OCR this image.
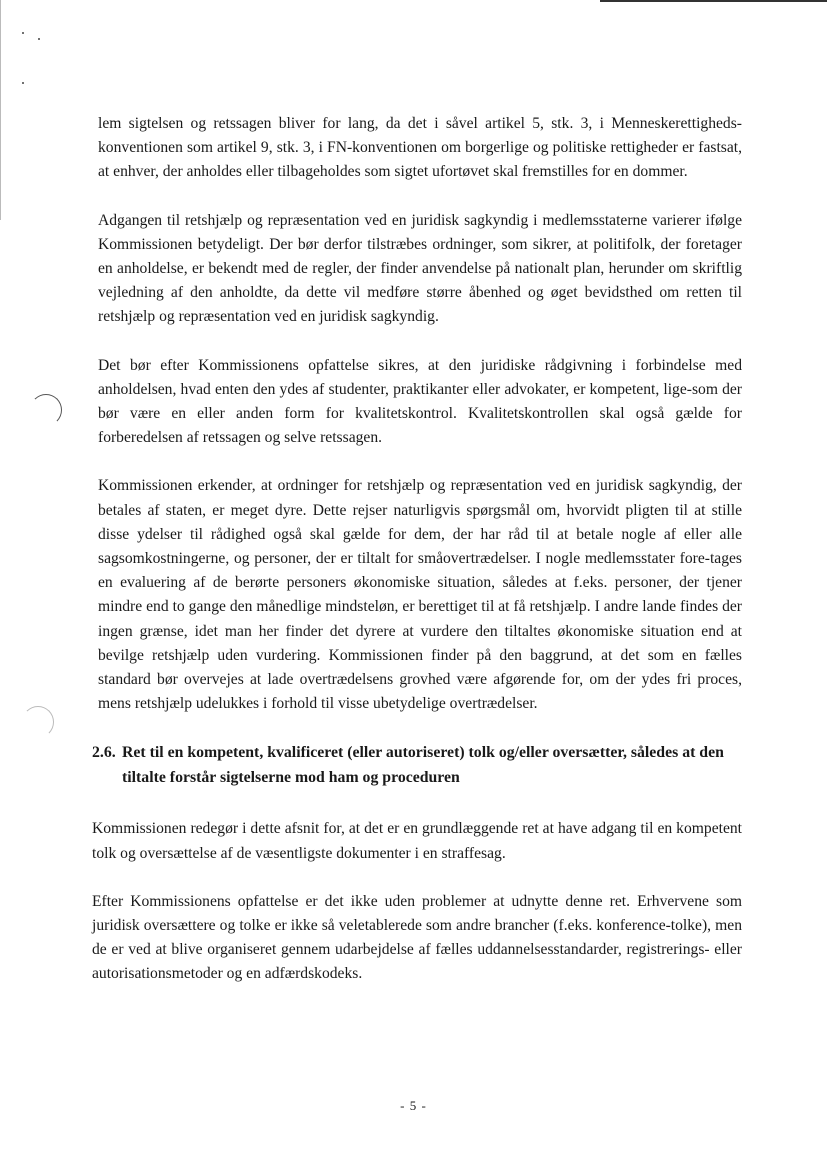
lem sigtelsen og retssagen bliver for lang, da det i såvel artikel 5, stk. 3, i Menneskerettigheds-konventionen som artikel 9, stk. 3, i FN-konventionen om borgerlige og politiske rettigheder er fastsat, at enhver, der anholdes eller tilbageholdes som sigtet ufortøvet skal fremstilles for en dommer.

Adgangen til retshjælp og repræsentation ved en juridisk sagkyndig i medlemsstaterne varierer ifølge Kommissionen betydeligt. Der bør derfor tilstræbes ordninger, som sikrer, at politifolk, der foretager en anholdelse, er bekendt med de regler, der finder anvendelse på nationalt plan, herunder om skriftlig vejledning af den anholdte, da dette vil medføre større åbenhed og øget bevidsthed om retten til retshjælp og repræsentation ved en juridisk sagkyndig.

Det bør efter Kommissionens opfattelse sikres, at den juridiske rådgivning i forbindelse med anholdelsen, hvad enten den ydes af studenter, praktikanter eller advokater, er kompetent, lige-som der bør være en eller anden form for kvalitetskontrol. Kvalitetskontrollen skal også gælde for forberedelsen af retssagen og selve retssagen.

Kommissionen erkender, at ordninger for retshjælp og repræsentation ved en juridisk sagkyndig, der betales af staten, er meget dyre. Dette rejser naturligvis spørgsmål om, hvorvidt pligten til at stille disse ydelser til rådighed også skal gælde for dem, der har råd til at betale nogle af eller alle sagsomkostningerne, og personer, der er tiltalt for småovertrædelser. I nogle medlemsstater fore-tages en evaluering af de berørte personers økonomiske situation, således at f.eks. personer, der tjener mindre end to gange den månedlige mindsteløn, er berettiget til at få retshjælp. I andre lande findes der ingen grænse, idet man her finder det dyrere at vurdere den tiltaltes økonomiske situation end at bevilge retshjælp uden vurdering. Kommissionen finder på den baggrund, at det som en fælles standard bør overvejes at lade overtrædelsens grovhed være afgørende for, om der ydes fri proces, mens retshjælp udelukkes i forhold til visse ubetydelige overtrædelser.

2.6. Ret til en kompetent, kvalificeret (eller autoriseret) tolk og/eller oversætter, således at den tiltalte forstår sigtelserne mod ham og proceduren

Kommissionen redegør i dette afsnit for, at det er en grundlæggende ret at have adgang til en kompetent tolk og oversættelse af de væsentligste dokumenter i en straffesag.

Efter Kommissionens opfattelse er det ikke uden problemer at udnytte denne ret. Erhvervene som juridisk oversættere og tolke er ikke så veletablerede som andre brancher (f.eks. konference-tolke), men de er ved at blive organiseret gennem udarbejdelse af fælles uddannelsesstandarder, registrerings- eller autorisationsmetoder og en adfærdskodeks.

- 5 -
